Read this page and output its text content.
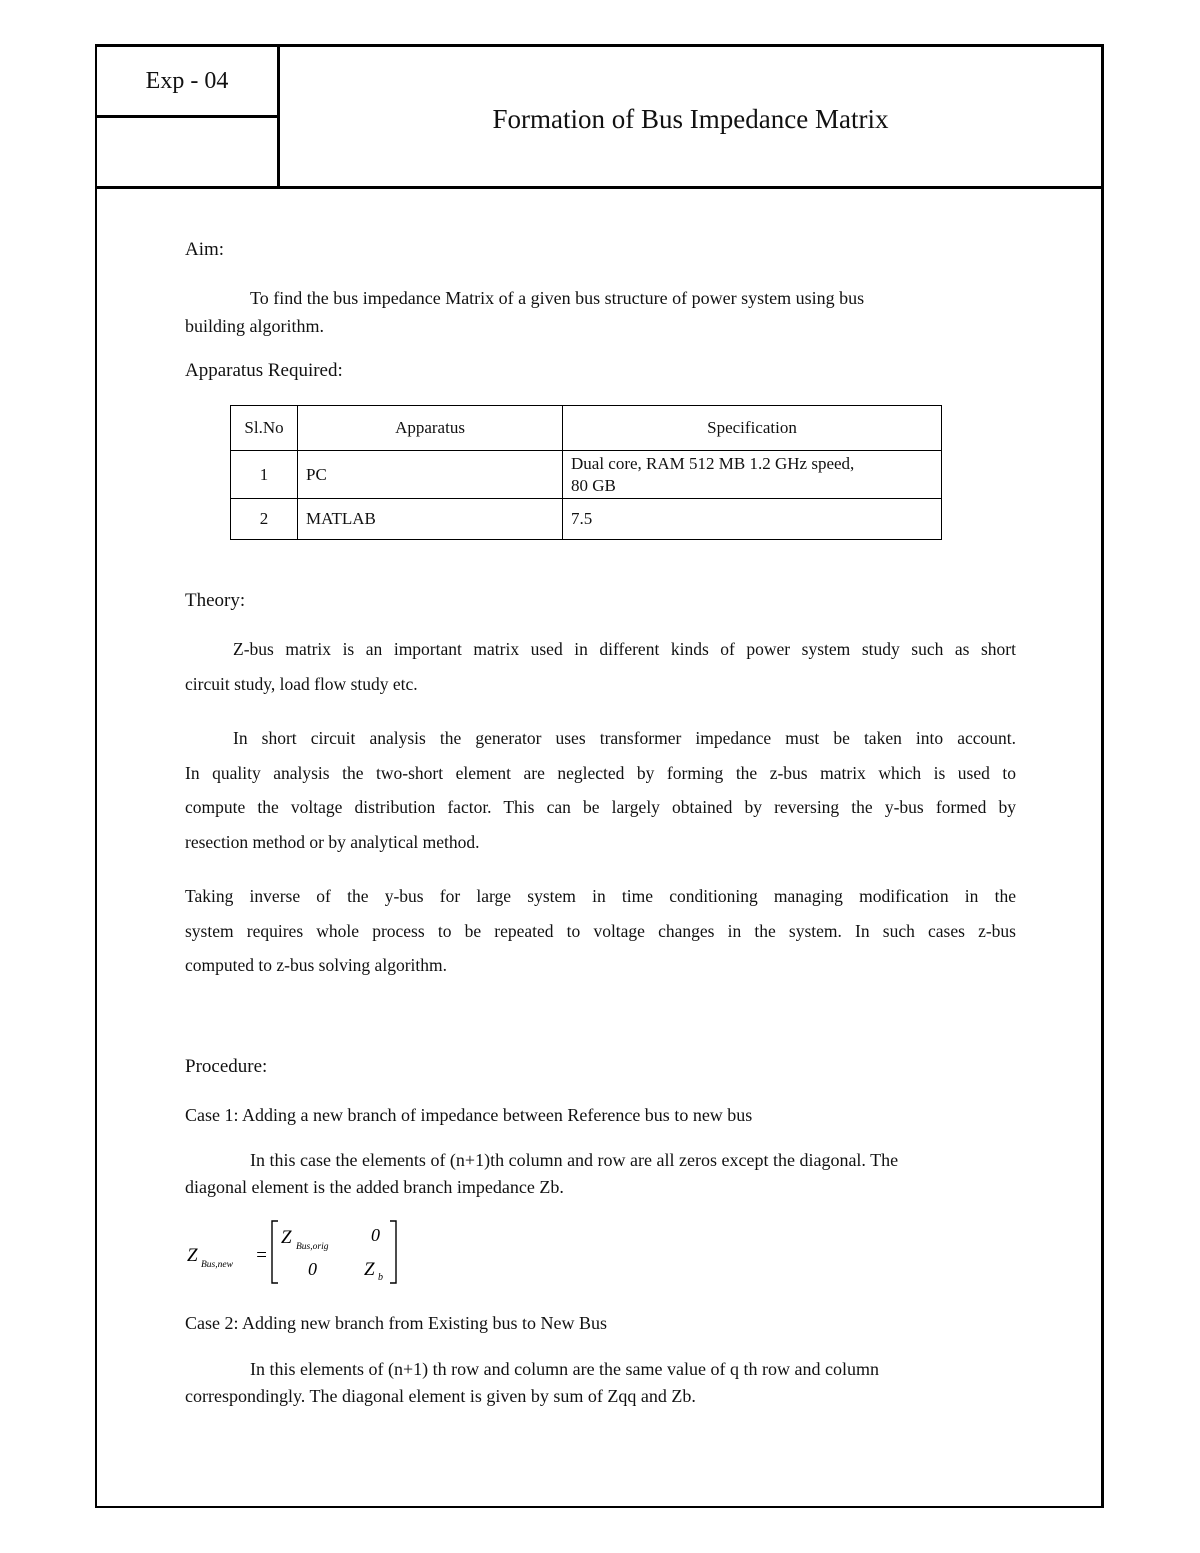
Exp - 04
Formation of Bus Impedance Matrix
Aim:
To find the bus impedance Matrix of a given bus structure of power system using bus
building algorithm.
Apparatus Required:
Sl.No	Apparatus	Specification
1	PC	Dual core, RAM 512 MB 1.2 GHz speed,
80 GB

2	MATLAB	7.5
Theory:
Z-bus matrix is an important matrix used in different kinds of power system study such as short
circuit study, load flow study etc.
In short circuit analysis the generator uses transformer impedance must be taken into account.
In quality analysis the two-short element are neglected by forming the z-bus matrix which is used to
compute the voltage distribution factor. This can be largely obtained by reversing the y-bus formed by
resection method or by analytical method.
Taking inverse of the y-bus for large system in time conditioning managing modification in the
system requires whole process to be repeated to voltage changes in the system. In such cases z-bus
computed to z-bus solving algorithm.
Procedure:
Case 1: Adding a new branch of impedance between Reference bus to new bus
In this case the elements of (n+1)th column and row are all zeros except the diagonal. The
diagonal element is the added branch impedance Zb.
Z Bus,new =
Z Bus,orig
0
0 Z b
Case 2: Adding new branch from Existing bus to New Bus
In this elements of (n+1) th row and column are the same value of q th row and column
correspondingly. The diagonal element is given by sum of Zqq and Zb.
